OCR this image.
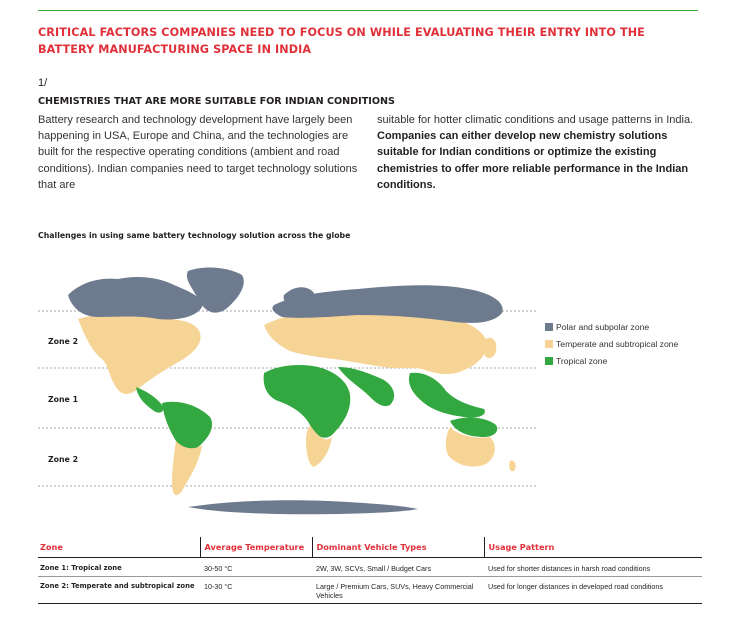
CRITICAL FACTORS COMPANIES NEED TO FOCUS ON WHILE EVALUATING THEIR ENTRY INTO THE BATTERY MANUFACTURING SPACE IN INDIA
1/
CHEMISTRIES THAT ARE MORE SUITABLE FOR INDIAN CONDITIONS
Battery research and technology development have largely been happening in USA, Europe and China, and the technologies are built for the respective operating conditions (ambient and road conditions). Indian companies need to target technology solutions that are
suitable for hotter climatic conditions and usage patterns in India. Companies can either develop new chemistry solutions suitable for Indian conditions or optimize the existing chemistries to offer more reliable performance in the Indian conditions.
Challenges in using same battery technology solution across the globe
Zone 2
Zone 1
Zone 2
Polar and subpolar zone
Temperate and subtropical zone
Tropical zone
Zone	Average Temperature	Dominant Vehicle Types	Usage Pattern
Zone 1: Tropical zone	30-50 °C	2W, 3W, SCVs, Small / Budget Cars	Used for shorter distances in harsh road conditions
Zone 2: Temperate and subtropical zone	10-30 °C	Large / Premium Cars, SUVs, Heavy Commercial Vehicles	Used for longer distances in developed road conditions
